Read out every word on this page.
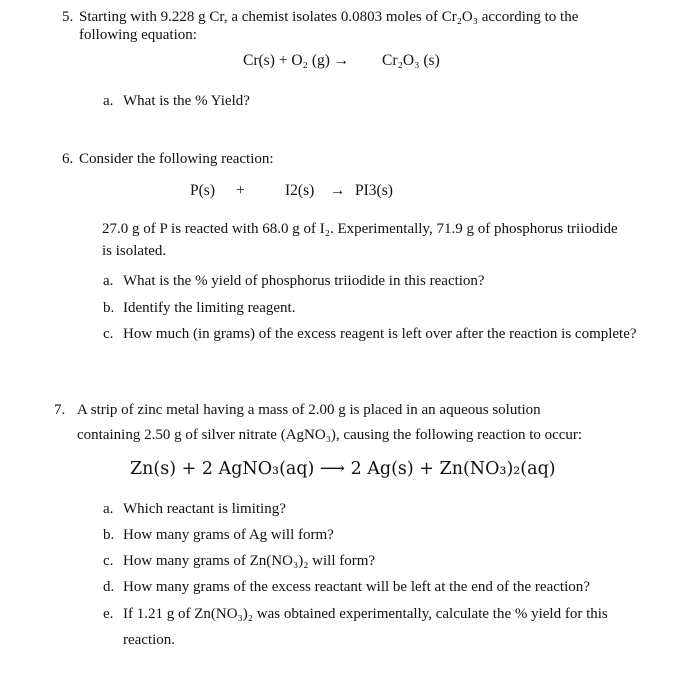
5. Starting with 9.228 g Cr, a chemist isolates 0.0803 moles of Cr₂O₃ according to the
following equation:
Cr(s) + O₂ (g) → Cr₂O₃ (s)
a. What is the % Yield?
6. Consider the following reaction:
P(s) +	I2(s) → PI3(s)
27.0 g of P is reacted with 68.0 g of I₂. Experimentally, 71.9 g of phosphorus triiodide
is isolated.
a. What is the % yield of phosphorus triiodide in this reaction?
b. Identify the limiting reagent.
c. How much (in grams) of the excess reagent is left over after the reaction is complete?
7. A strip of zinc metal having a mass of 2.00 g is placed in an aqueous solution
containing 2.50 g of silver nitrate (AgNO₃), causing the following reaction to occur:
Zn(s) + 2 AgNO₃(aq) ⟶ 2 Ag(s) + Zn(NO₃)₂(aq)
a. Which reactant is limiting?
b. How many grams of Ag will form?
c. How many grams of Zn(NO₃)₂ will form?
d. How many grams of the excess reactant will be left at the end of the reaction?
e. If 1.21 g of Zn(NO₃)₂ was obtained experimentally, calculate the % yield for this
reaction.
